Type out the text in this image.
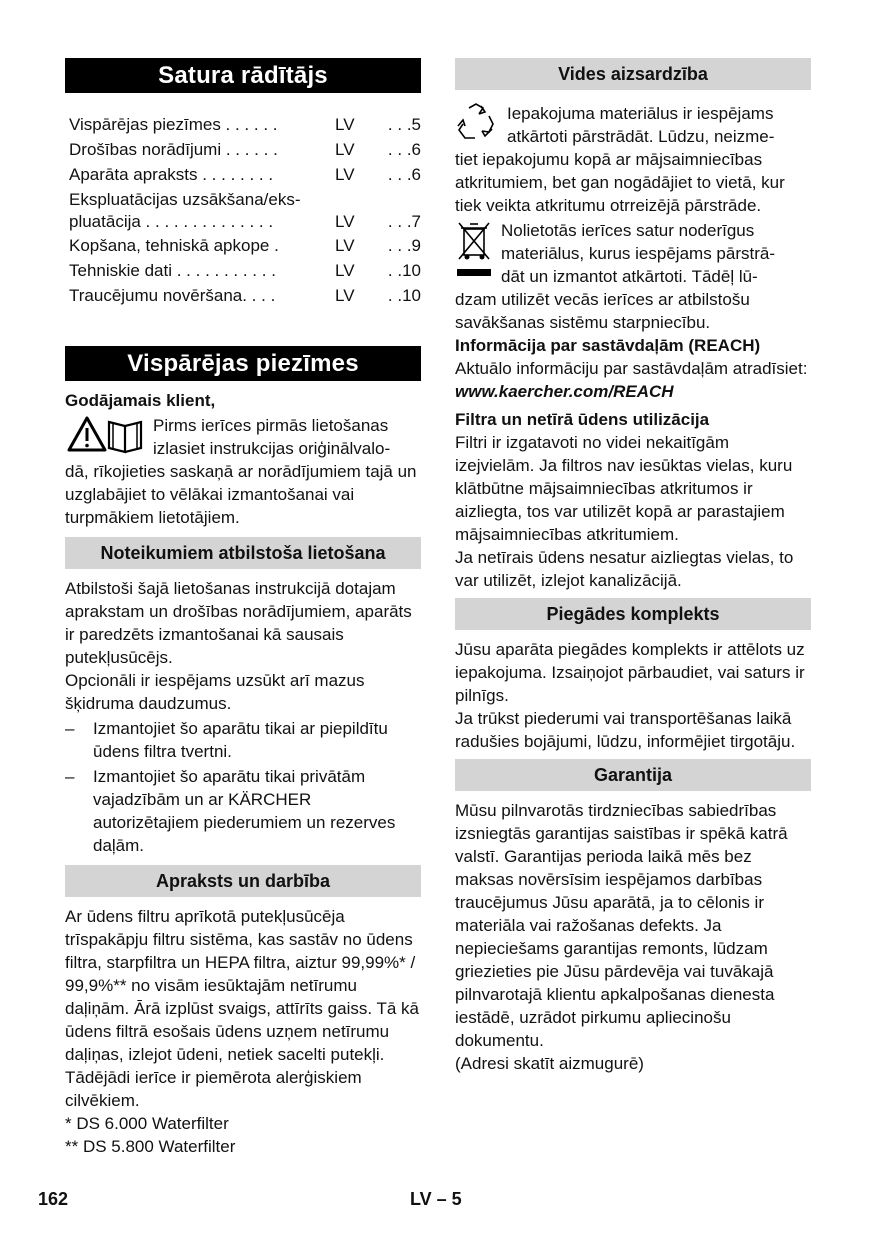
Satura rādītājs
Vispārējas piezīmes . . . . . .	LV	. . .5
Drošības norādījumi . . . . . .	LV	. . .6
Aparāta apraksts . . . . . . . .	LV	. . .6
Ekspluatācijas uzsākšana/eks-
pluatācija . . . . . . . . . . . . . .	LV	. . .7
Kopšana, tehniskā apkope .	LV	. . .9
Tehniskie dati . . . . . . . . . . .	LV	. .10
Traucējumu novēršana. . . .	LV	. .10
Vispārējas piezīmes

Godājamais klient,

Pirms ierīces pirmās lietošanas

izlasiet instrukcijas oriģinālvalo-

dā, rīkojieties saskaņā ar norādījumiem tajā un uzglabājiet to vēlākai izmantošanai vai turpmākiem lietotājiem.

Noteikumiem atbilstoša lietošana

Atbilstoši šajā lietošanas instrukcijā dotajam aprakstam un drošības norādījumiem, aparāts ir paredzēts izmantošanai kā sausais putekļusūcējs.

Opcionāli ir iespējams uzsūkt arī mazus šķidruma daudzumus.

–	Izmantojiet šo aparātu tikai ar piepildītu ūdens filtra tvertni.
–	Izmantojiet šo aparātu tikai privātām vajadzībām un ar KÄRCHER autorizētajiem piederumiem un rezerves daļām.
Apraksts un darbība

Ar ūdens filtru aprīkotā putekļusūcēja trīspakāpju filtru sistēma, kas sastāv no ūdens filtra, starpfiltra un HEPA filtra, aiztur 99,99%* / 99,9%** no visām iesūktajām netīrumu daļiņām. Ārā izplūst svaigs, attīrīts gaiss. Tā kā ūdens filtrā esošais ūdens uzņem netīrumu daļiņas, izlejot ūdeni, netiek sacelti putekļi. Tādējādi ierīce ir piemērota alerģiskiem cilvēkiem.

* DS 6.000 Waterfilter

** DS 5.800 Waterfilter

Vides aizsardzība

Iepakojuma materiālus ir iespējams

atkārtoti pārstrādāt. Lūdzu, neizme-

tiet iepakojumu kopā ar mājsaimniecības atkritumiem, bet gan nogādājiet to vietā, kur tiek veikta atkritumu otrreizējā pārstrāde.

Nolietotās ierīces satur noderīgus

materiālus, kurus iespējams pārstrā-

dāt un izmantot atkārtoti. Tādēļ lū-

dzam utilizēt vecās ierīces ar atbilstošu savākšanas sistēmu starpniecību.

Informācija par sastāvdaļām (REACH)

Aktuālo informāciju par sastāvdaļām atradīsiet:

www.kaercher.com/REACH

Filtra un netīrā ūdens utilizācija

Filtri ir izgatavoti no videi nekaitīgām izejvielām. Ja filtros nav iesūktas vielas, kuru klātbūtne mājsaimniecības atkritumos ir aizliegta, tos var utilizēt kopā ar parastajiem mājsaimniecības atkritumiem.

Ja netīrais ūdens nesatur aizliegtas vielas, to var utilizēt, izlejot kanalizācijā.

Piegādes komplekts

Jūsu aparāta piegādes komplekts ir attēlots uz iepakojuma. Izsaiņojot pārbaudiet, vai saturs ir pilnīgs.

Ja trūkst piederumi vai transportēšanas laikā radušies bojājumi, lūdzu, informējiet tirgotāju.

Garantija

Mūsu pilnvarotās tirdzniecības sabiedrības izsniegtās garantijas saistības ir spēkā katrā valstī. Garantijas perioda laikā mēs bez maksas novērsīsim iespējamos darbības traucējumus Jūsu aparātā, ja to cēlonis ir materiāla vai ražošanas defekts. Ja nepieciešams garantijas remonts, lūdzam griezieties pie Jūsu pārdevēja vai tuvākajā pilnvarotajā klientu apkalpošanas dienesta iestādē, uzrādot pirkumu apliecinošu dokumentu.

(Adresi skatīt aizmugurē)

162	LV – 5
